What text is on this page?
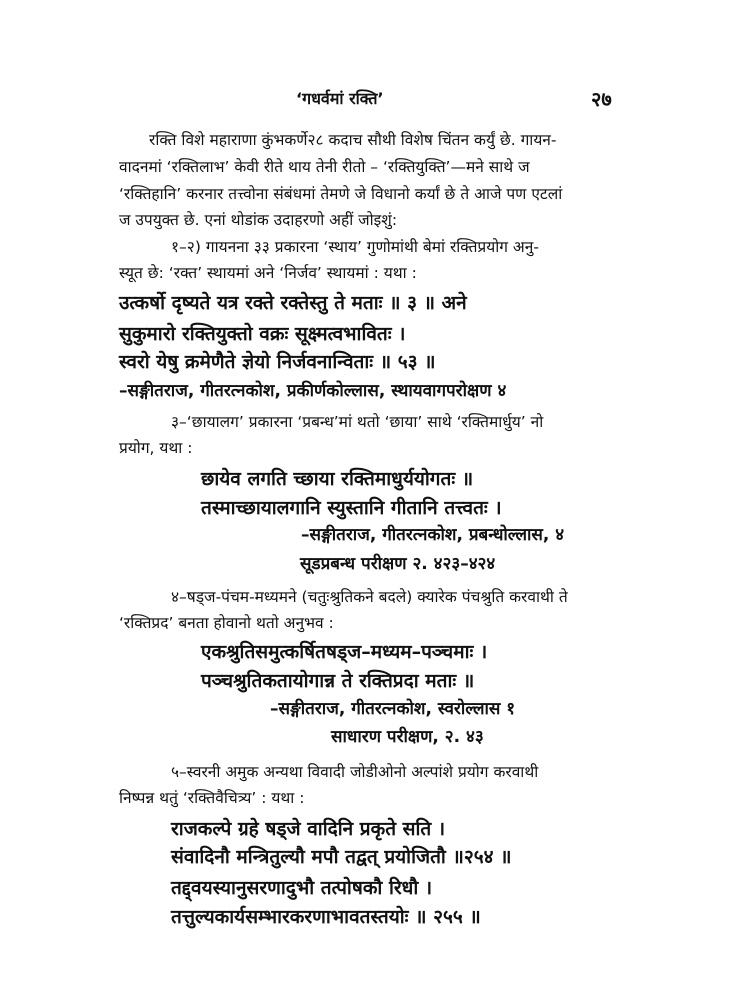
‘गधर्वमां रक्ति’	२७
रक्ति विशे महाराणा कुंभकर्णे२८ कदाच सौथी विशेष चिंतन कर्युं छे. गायन-
वादनमां ‘रक्तिलाभ’ केवी रीते थाय तेनी रीतो – ‘रक्तियुक्ति’—मने साथे ज
‘रक्तिहानि’ करनार तत्त्वोना संबंधमां तेमणे जे विधानो कर्यां छे ते आजे पण एटलां
ज उपयुक्त छे. एनां थोडांक उदाहरणो अहीं जोइशुं:
१–२) गायनना ३३ प्रकारना ‘स्थाय’ गुणोमांथी बेमां रक्तिप्रयोग अनु-
स्यूत छे: ‘रक्त’ स्थायमां अने ‘निर्जव’ स्थायमां : यथा :
उत्कर्षो दृष्यते यत्र रक्ते रक्तेस्तु ते मताः ॥ ३ ॥ अने
सुकुमारो रक्तियुक्तो वक्रः सूक्ष्मत्वभावितः ।
स्वरो येषु क्रमेणैते ज्ञेयो निर्जवनान्विताः ॥ ५३ ॥
–सङ्गीतराज, गीतरत्नकोश, प्रकीर्णकोल्लास, स्थायवागपरोक्षण ४
३–‘छायालग’ प्रकारना ‘प्रबन्ध’मां थतो ‘छाया’ साथे ‘रक्तिमार्धुय’ नो
प्रयोग, यथा :
छायेव लगति च्छाया रक्तिमाधुर्ययोगतः ॥
तस्माच्छायालगानि स्युस्तानि गीतानि तत्त्वतः ।
–सङ्गीतराज, गीतरत्नकोश, प्रबन्धोल्लास, ४
सूडप्रबन्ध परीक्षण २. ४२३–४२४
४–षड्ज-पंचम-मध्यमने (चतुःश्रुतिकने बदले) क्यारेक पंचश्रुति करवाथी ते
‘रक्तिप्रद’ बनता होवानो थतो अनुभव :
एकश्रुतिसमुत्कर्षितषड्ज–मध्यम–पञ्चमाः ।
पञ्चश्रुतिकतायोगान्न ते रक्तिप्रदा मताः ॥
–सङ्गीतराज, गीतरत्नकोश, स्वरोल्लास १
साधारण परीक्षण, २. ४३
५–स्वरनी अमुक अन्यथा विवादी जोडीओनो अल्पांशे प्रयोग करवाथी
निष्पन्न थतुं ‘रक्तिवैचित्र्य’ : यथा :
राजकल्पे ग्रहे षड्जे वादिनि प्रकृते सति ।
संवादिनौ मन्त्रितुल्यौ मपौ तद्वत् प्रयोजितौ ॥२५४ ॥
तद्द्वयस्यानुसरणादुभौ तत्पोषकौ रिधौ ।
तत्तुल्यकार्यसम्भारकरणाभावतस्तयोः ॥ २५५ ॥
